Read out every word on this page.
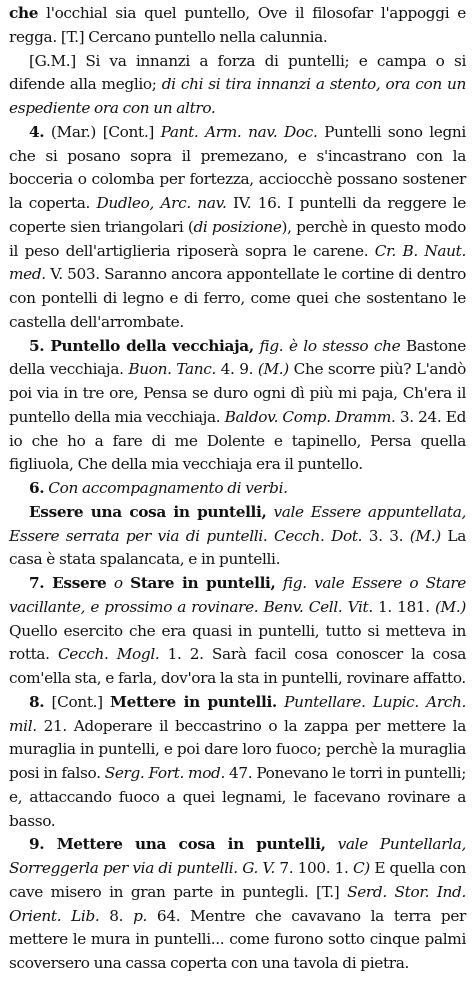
che l'occhial sia quel puntello, Ove il filosofar l'appoggi e regga. [T.] Cercano puntello nella calunnia.

[G.M.] Si va innanzi a forza di puntelli; e campa o si difende alla meglio; di chi si tira innanzi a stento, ora con un espediente ora con un altro.

4. (Mar.) [Cont.] Pant. Arm. nav. Doc. Puntelli sono legni che si posano sopra il premezano, e s'incastrano con la bocceria o colomba per fortezza, acciocchè possano sostener la coperta. Dudleo, Arc. nav. IV. 16. I puntelli da reggere le coperte sien triangolari (di posizione), perchè in questo modo il peso dell'artiglieria riposerà sopra le carene. Cr. B. Naut. med. V. 503. Saranno ancora appontellate le cortine di dentro con pontelli di legno e di ferro, come quei che sostentano le castella dell'arrombate.

5. Puntello della vecchiaja, fig. è lo stesso che Bastone della vecchiaja. Buon. Tanc. 4. 9. (M.) Che scorre più? L'andò poi via in tre ore, Pensa se duro ogni dì più mi paja, Ch'era il puntello della mia vecchiaja. Baldov. Comp. Dramm. 3. 24. Ed io che ho a fare di me Dolente e tapinello, Persa quella figliuola, Che della mia vecchiaja era il puntello.

6. Con accompagnamento di verbi.

Essere una cosa in puntelli, vale Essere appuntellata, Essere serrata per via di puntelli. Cecch. Dot. 3. 3. (M.) La casa è stata spalancata, e in puntelli.

7. Essere o Stare in puntelli, fig. vale Essere o Stare vacillante, e prossimo a rovinare. Benv. Cell. Vit. 1. 181. (M.) Quello esercito che era quasi in puntelli, tutto si metteva in rotta. Cecch. Mogl. 1. 2. Sarà facil cosa conoscer la cosa com'ella sta, e farla, dov'ora la sta in puntelli, rovinare affatto.

8. [Cont.] Mettere in puntelli. Puntellare. Lupic. Arch. mil. 21. Adoperare il beccastrino o la zappa per mettere la muraglia in puntelli, e poi dare loro fuoco; perchè la muraglia posi in falso. Serg. Fort. mod. 47. Ponevano le torri in puntelli; e, attaccando fuoco a quei legnami, le facevano rovinare a basso.

9. Mettere una cosa in puntelli, vale Puntellarla, Sorreggerla per via di puntelli. G. V. 7. 100. 1. C) E quella con cave misero in gran parte in puntegli. [T.] Serd. Stor. Ind. Orient. Lib. 8. p. 64. Mentre che cavavano la terra per mettere le mura in puntelli... come furono sotto cinque palmi scoversero una cassa coperta con una tavola di pietra.
